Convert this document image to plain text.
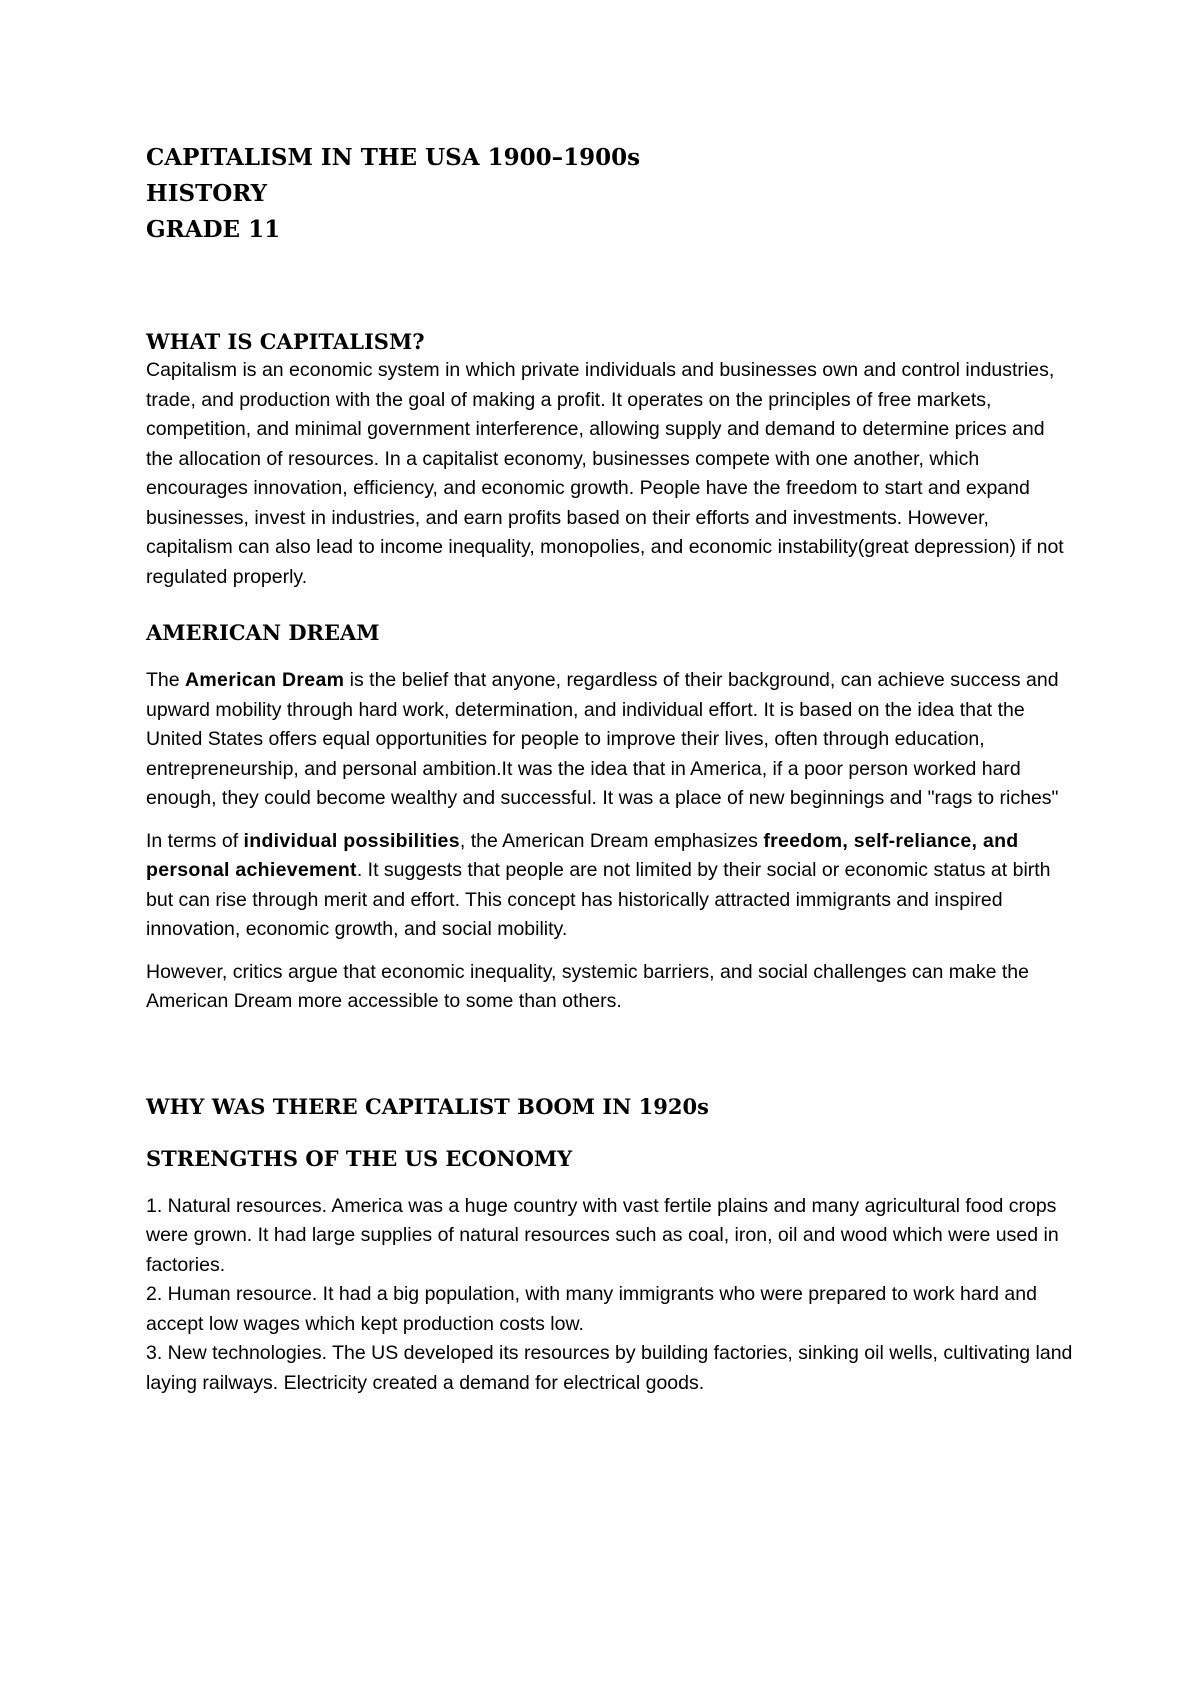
CAPITALISM IN THE USA 1900–1900s
HISTORY
GRADE 11
WHAT IS CAPITALISM?

Capitalism is an economic system in which private individuals and businesses own and control industries, trade, and production with the goal of making a profit. It operates on the principles of free markets, competition, and minimal government interference, allowing supply and demand to determine prices and the allocation of resources. In a capitalist economy, businesses compete with one another, which encourages innovation, efficiency, and economic growth. People have the freedom to start and expand businesses, invest in industries, and earn profits based on their efforts and investments. However, capitalism can also lead to income inequality, monopolies, and economic instability(great depression) if not regulated properly.

AMERICAN DREAM

The American Dream is the belief that anyone, regardless of their background, can achieve success and upward mobility through hard work, determination, and individual effort. It is based on the idea that the United States offers equal opportunities for people to improve their lives, often through education, entrepreneurship, and personal ambition.It was the idea that in America, if a poor person worked hard enough, they could become wealthy and successful. It was a place of new beginnings and "rags to riches"

In terms of individual possibilities, the American Dream emphasizes freedom, self-reliance, and personal achievement. It suggests that people are not limited by their social or economic status at birth but can rise through merit and effort. This concept has historically attracted immigrants and inspired innovation, economic growth, and social mobility.

However, critics argue that economic inequality, systemic barriers, and social challenges can make the American Dream more accessible to some than others.

WHY WAS THERE CAPITALIST BOOM IN 1920s
STRENGTHS OF THE US ECONOMY
1. Natural resources. America was a huge country with vast fertile plains and many agricultural food crops were grown. It had large supplies of natural resources such as coal, iron, oil and wood which were used in factories.
2. Human resource. It had a big population, with many immigrants who were prepared to work hard and accept low wages which kept production costs low.
3. New technologies. The US developed its resources by building factories, sinking oil wells, cultivating land laying railways. Electricity created a demand for electrical goods.
